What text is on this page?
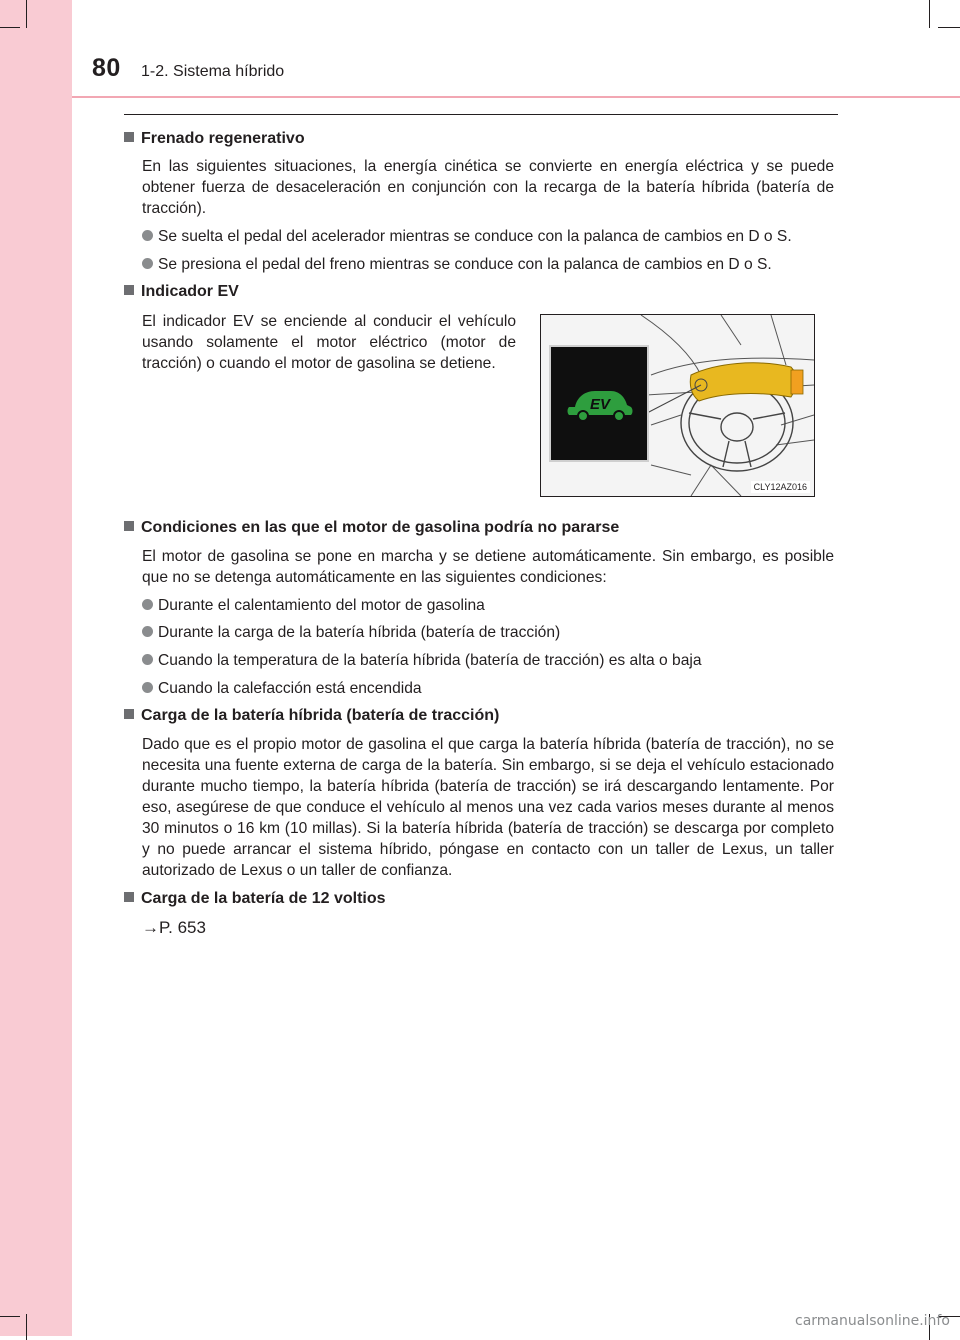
80 1-2. Sistema híbrido
Frenado regenerativo
En las siguientes situaciones, la energía cinética se convierte en energía eléctrica y se puede obtener fuerza de desaceleración en conjunción con la recarga de la batería híbrida (batería de tracción).
Se suelta el pedal del acelerador mientras se conduce con la palanca de cambios en D o S.
Se presiona el pedal del freno mientras se conduce con la palanca de cambios en D o S.
Indicador EV
El indicador EV se enciende al conducir el vehículo usando solamente el motor eléctrico (motor de tracción) o cuando el motor de gasolina se detiene.
Condiciones en las que el motor de gasolina podría no pararse
El motor de gasolina se pone en marcha y se detiene automáticamente. Sin embargo, es posible que no se detenga automáticamente en las siguientes condiciones:
Durante el calentamiento del motor de gasolina
Durante la carga de la batería híbrida (batería de tracción)
Cuando la temperatura de la batería híbrida (batería de tracción) es alta o baja
Cuando la calefacción está encendida
Carga de la batería híbrida (batería de tracción)
Dado que es el propio motor de gasolina el que carga la batería híbrida (batería de tracción), no se necesita una fuente externa de carga de la batería. Sin embargo, si se deja el vehículo estacionado durante mucho tiempo, la batería híbrida (batería de tracción) se irá descargando lentamente. Por eso, asegúrese de que conduce el vehículo al menos una vez cada varios meses durante al menos 30 minutos o 16 km (10 millas). Si la batería híbrida (batería de tracción) se descarga por completo y no puede arrancar el sistema híbrido, póngase en contacto con un taller de Lexus, un taller autorizado de Lexus o un taller de confianza.
Carga de la batería de 12 voltios
→P. 653
EV
CLY12AZ016
carmanualsonline.info
